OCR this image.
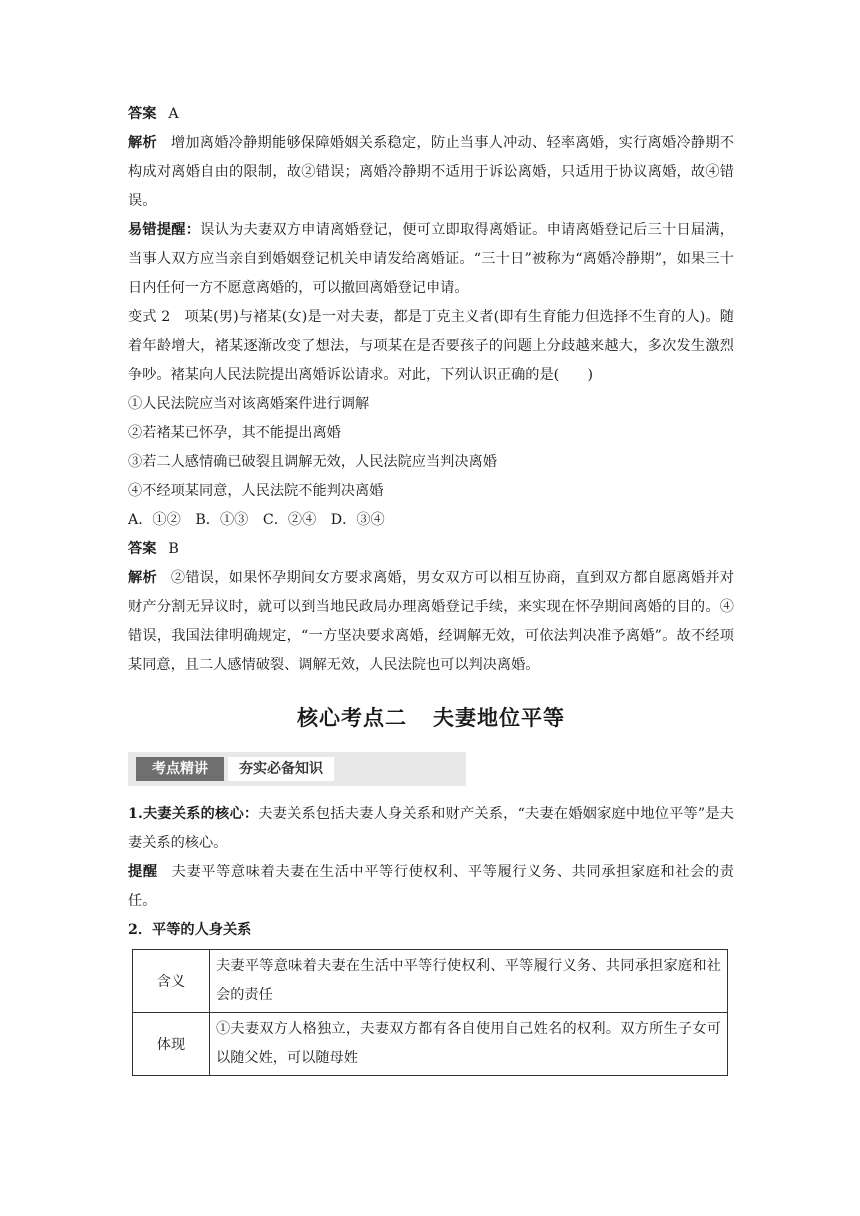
答案 A

解析 增加离婚冷静期能够保障婚姻关系稳定，防止当事人冲动、轻率离婚，实行离婚冷静期不构成对离婚自由的限制，故②错误；离婚冷静期不适用于诉讼离婚，只适用于协议离婚，故④错误。

易错提醒：误认为夫妻双方申请离婚登记，便可立即取得离婚证。申请离婚登记后三十日届满，当事人双方应当亲自到婚姻登记机关申请发给离婚证。“三十日”被称为“离婚冷静期”，如果三十日内任何一方不愿意离婚的，可以撤回离婚登记申请。

变式 2 项某(男)与褚某(女)是一对夫妻，都是丁克主义者(即有生育能力但选择不生育的人)。随着年龄增大，褚某逐渐改变了想法，与项某在是否要孩子的问题上分歧越来越大，多次发生激烈争吵。褚某向人民法院提出离婚诉讼请求。对此，下列认识正确的是(　　)

①人民法院应当对该离婚案件进行调解

②若褚某已怀孕，其不能提出离婚

③若二人感情确已破裂且调解无效，人民法院应当判决离婚

④不经项某同意，人民法院不能判决离婚

A．①② B．①③ C．②④ D．③④

答案 B

解析 ②错误，如果怀孕期间女方要求离婚，男女双方可以相互协商，直到双方都自愿离婚并对财产分割无异议时，就可以到当地民政局办理离婚登记手续，来实现在怀孕期间离婚的目的。④错误，我国法律明确规定，“一方坚决要求离婚，经调解无效，可依法判决准予离婚”。故不经项某同意，且二人感情破裂、调解无效，人民法院也可以判决离婚。

核心考点二 夫妻地位平等
考点精讲	夯实必备知识

1.夫妻关系的核心：夫妻关系包括夫妻人身关系和财产关系，“夫妻在婚姻家庭中地位平等”是夫妻关系的核心。

提醒 夫妻平等意味着夫妻在生活中平等行使权利、平等履行义务、共同承担家庭和社会的责任。

2．平等的人身关系

含义	夫妻平等意味着夫妻在生活中平等行使权利、平等履行义务、共同承担家庭和社会的责任
体现	①夫妻双方人格独立，夫妻双方都有各自使用自己姓名的权利。双方所生子女可以随父姓，可以随母姓
